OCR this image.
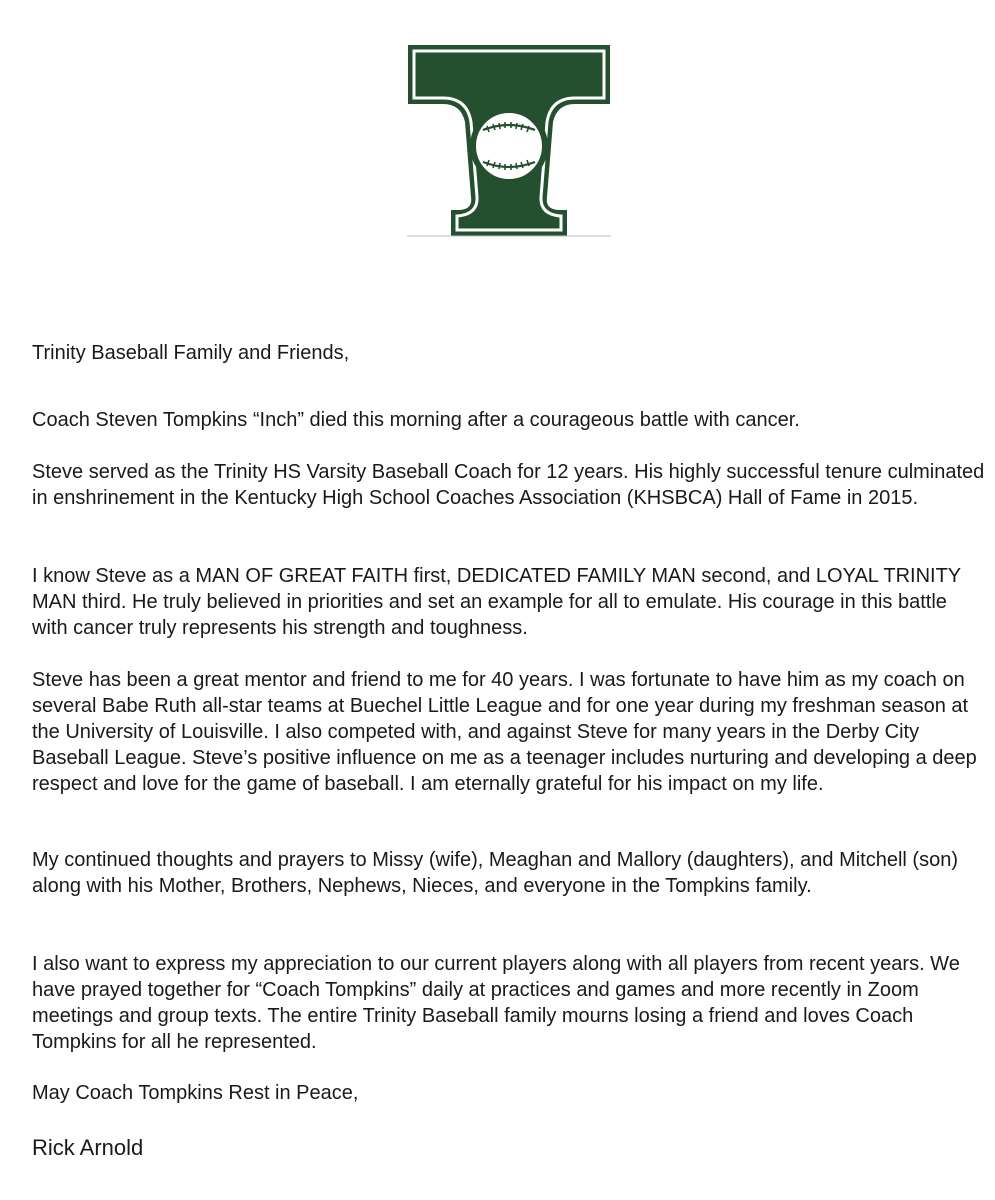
Trinity Baseball Family and Friends,

Coach Steven Tompkins “Inch” died this morning after a courageous battle with cancer.

Steve served as the Trinity HS Varsity Baseball Coach for 12 years. His highly successful tenure culminated in enshrinement in the Kentucky High School Coaches Association (KHSBCA) Hall of Fame in 2015.

I know Steve as a MAN OF GREAT FAITH first, DEDICATED FAMILY MAN second, and LOYAL TRINITY MAN third. He truly believed in priorities and set an example for all to emulate. His courage in this battle with cancer truly represents his strength and toughness.

Steve has been a great mentor and friend to me for 40 years. I was fortunate to have him as my coach on several Babe Ruth all-star teams at Buechel Little League and for one year during my freshman season at the University of Louisville. I also competed with, and against Steve for many years in the Derby City Baseball League. Steve’s positive influence on me as a teenager includes nurturing and developing a deep respect and love for the game of baseball. I am eternally grateful for his impact on my life.

My continued thoughts and prayers to Missy (wife), Meaghan and Mallory (daughters), and Mitchell (son) along with his Mother, Brothers, Nephews, Nieces, and everyone in the Tompkins family.

I also want to express my appreciation to our current players along with all players from recent years. We have prayed together for “Coach Tompkins” daily at practices and games and more recently in Zoom meetings and group texts. The entire Trinity Baseball family mourns losing a friend and loves Coach Tompkins for all he represented.

May Coach Tompkins Rest in Peace,

Rick Arnold
